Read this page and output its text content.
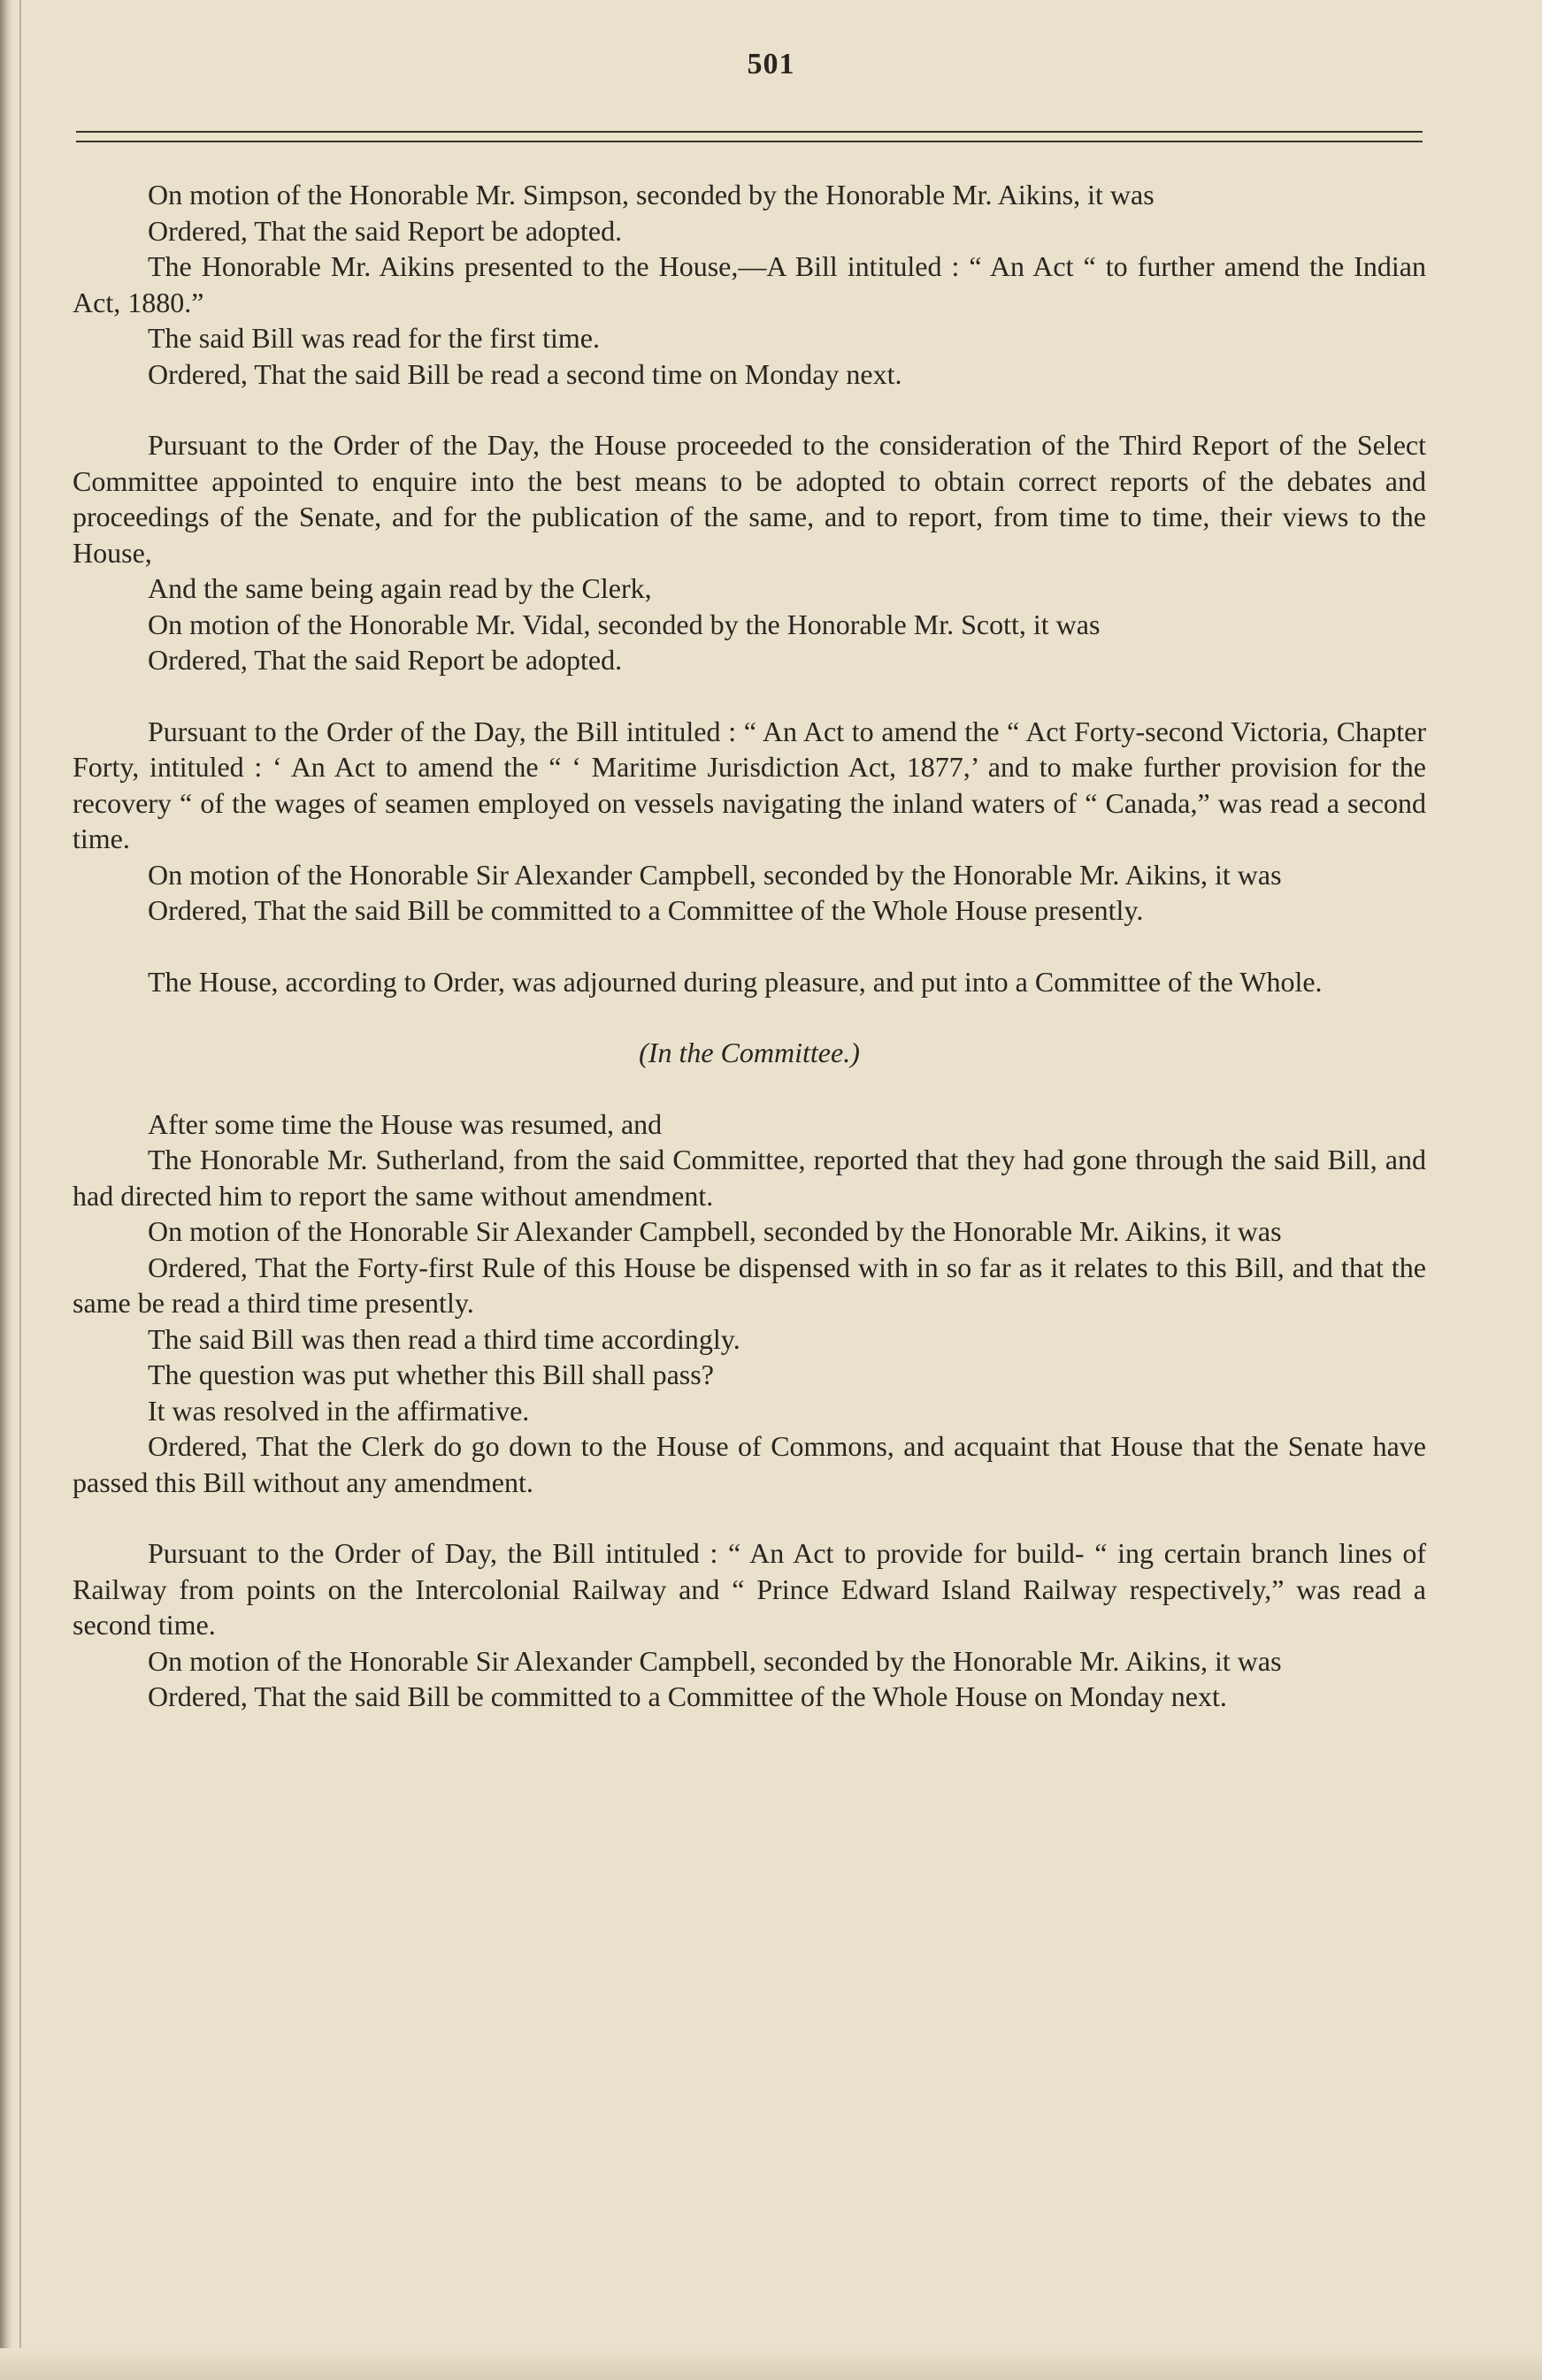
501

On motion of the Honorable Mr. Simpson, seconded by the Honorable Mr. Aikins, it was

Ordered, That the said Report be adopted.

The Honorable Mr. Aikins presented to the House,—A Bill intituled : “ An Act “ to further amend the Indian Act, 1880.”

The said Bill was read for the first time.

Ordered, That the said Bill be read a second time on Monday next.

Pursuant to the Order of the Day, the House proceeded to the consideration of the Third Report of the Select Committee appointed to enquire into the best means to be adopted to obtain correct reports of the debates and proceedings of the Senate, and for the publication of the same, and to report, from time to time, their views to the House,

And the same being again read by the Clerk,

On motion of the Honorable Mr. Vidal, seconded by the Honorable Mr. Scott, it was

Ordered, That the said Report be adopted.

Pursuant to the Order of the Day, the Bill intituled : “ An Act to amend the “ Act Forty-second Victoria, Chapter Forty, intituled : ‘ An Act to amend the “ ‘ Maritime Jurisdiction Act, 1877,’ and to make further provision for the recovery “ of the wages of seamen employed on vessels navigating the inland waters of “ Canada,” was read a second time.

On motion of the Honorable Sir Alexander Campbell, seconded by the Honorable Mr. Aikins, it was

Ordered, That the said Bill be committed to a Committee of the Whole House presently.

The House, according to Order, was adjourned during pleasure, and put into a Committee of the Whole.

(In the Committee.)

After some time the House was resumed, and

The Honorable Mr. Sutherland, from the said Committee, reported that they had gone through the said Bill, and had directed him to report the same without amendment.

On motion of the Honorable Sir Alexander Campbell, seconded by the Honorable Mr. Aikins, it was

Ordered, That the Forty-first Rule of this House be dispensed with in so far as it relates to this Bill, and that the same be read a third time presently.

The said Bill was then read a third time accordingly.

The question was put whether this Bill shall pass?

It was resolved in the affirmative.

Ordered, That the Clerk do go down to the House of Commons, and acquaint that House that the Senate have passed this Bill without any amendment.

Pursuant to the Order of Day, the Bill intituled : “ An Act to provide for build- “ ing certain branch lines of Railway from points on the Intercolonial Railway and “ Prince Edward Island Railway respectively,” was read a second time.

On motion of the Honorable Sir Alexander Campbell, seconded by the Honorable Mr. Aikins, it was

Ordered, That the said Bill be committed to a Committee of the Whole House on Monday next.
